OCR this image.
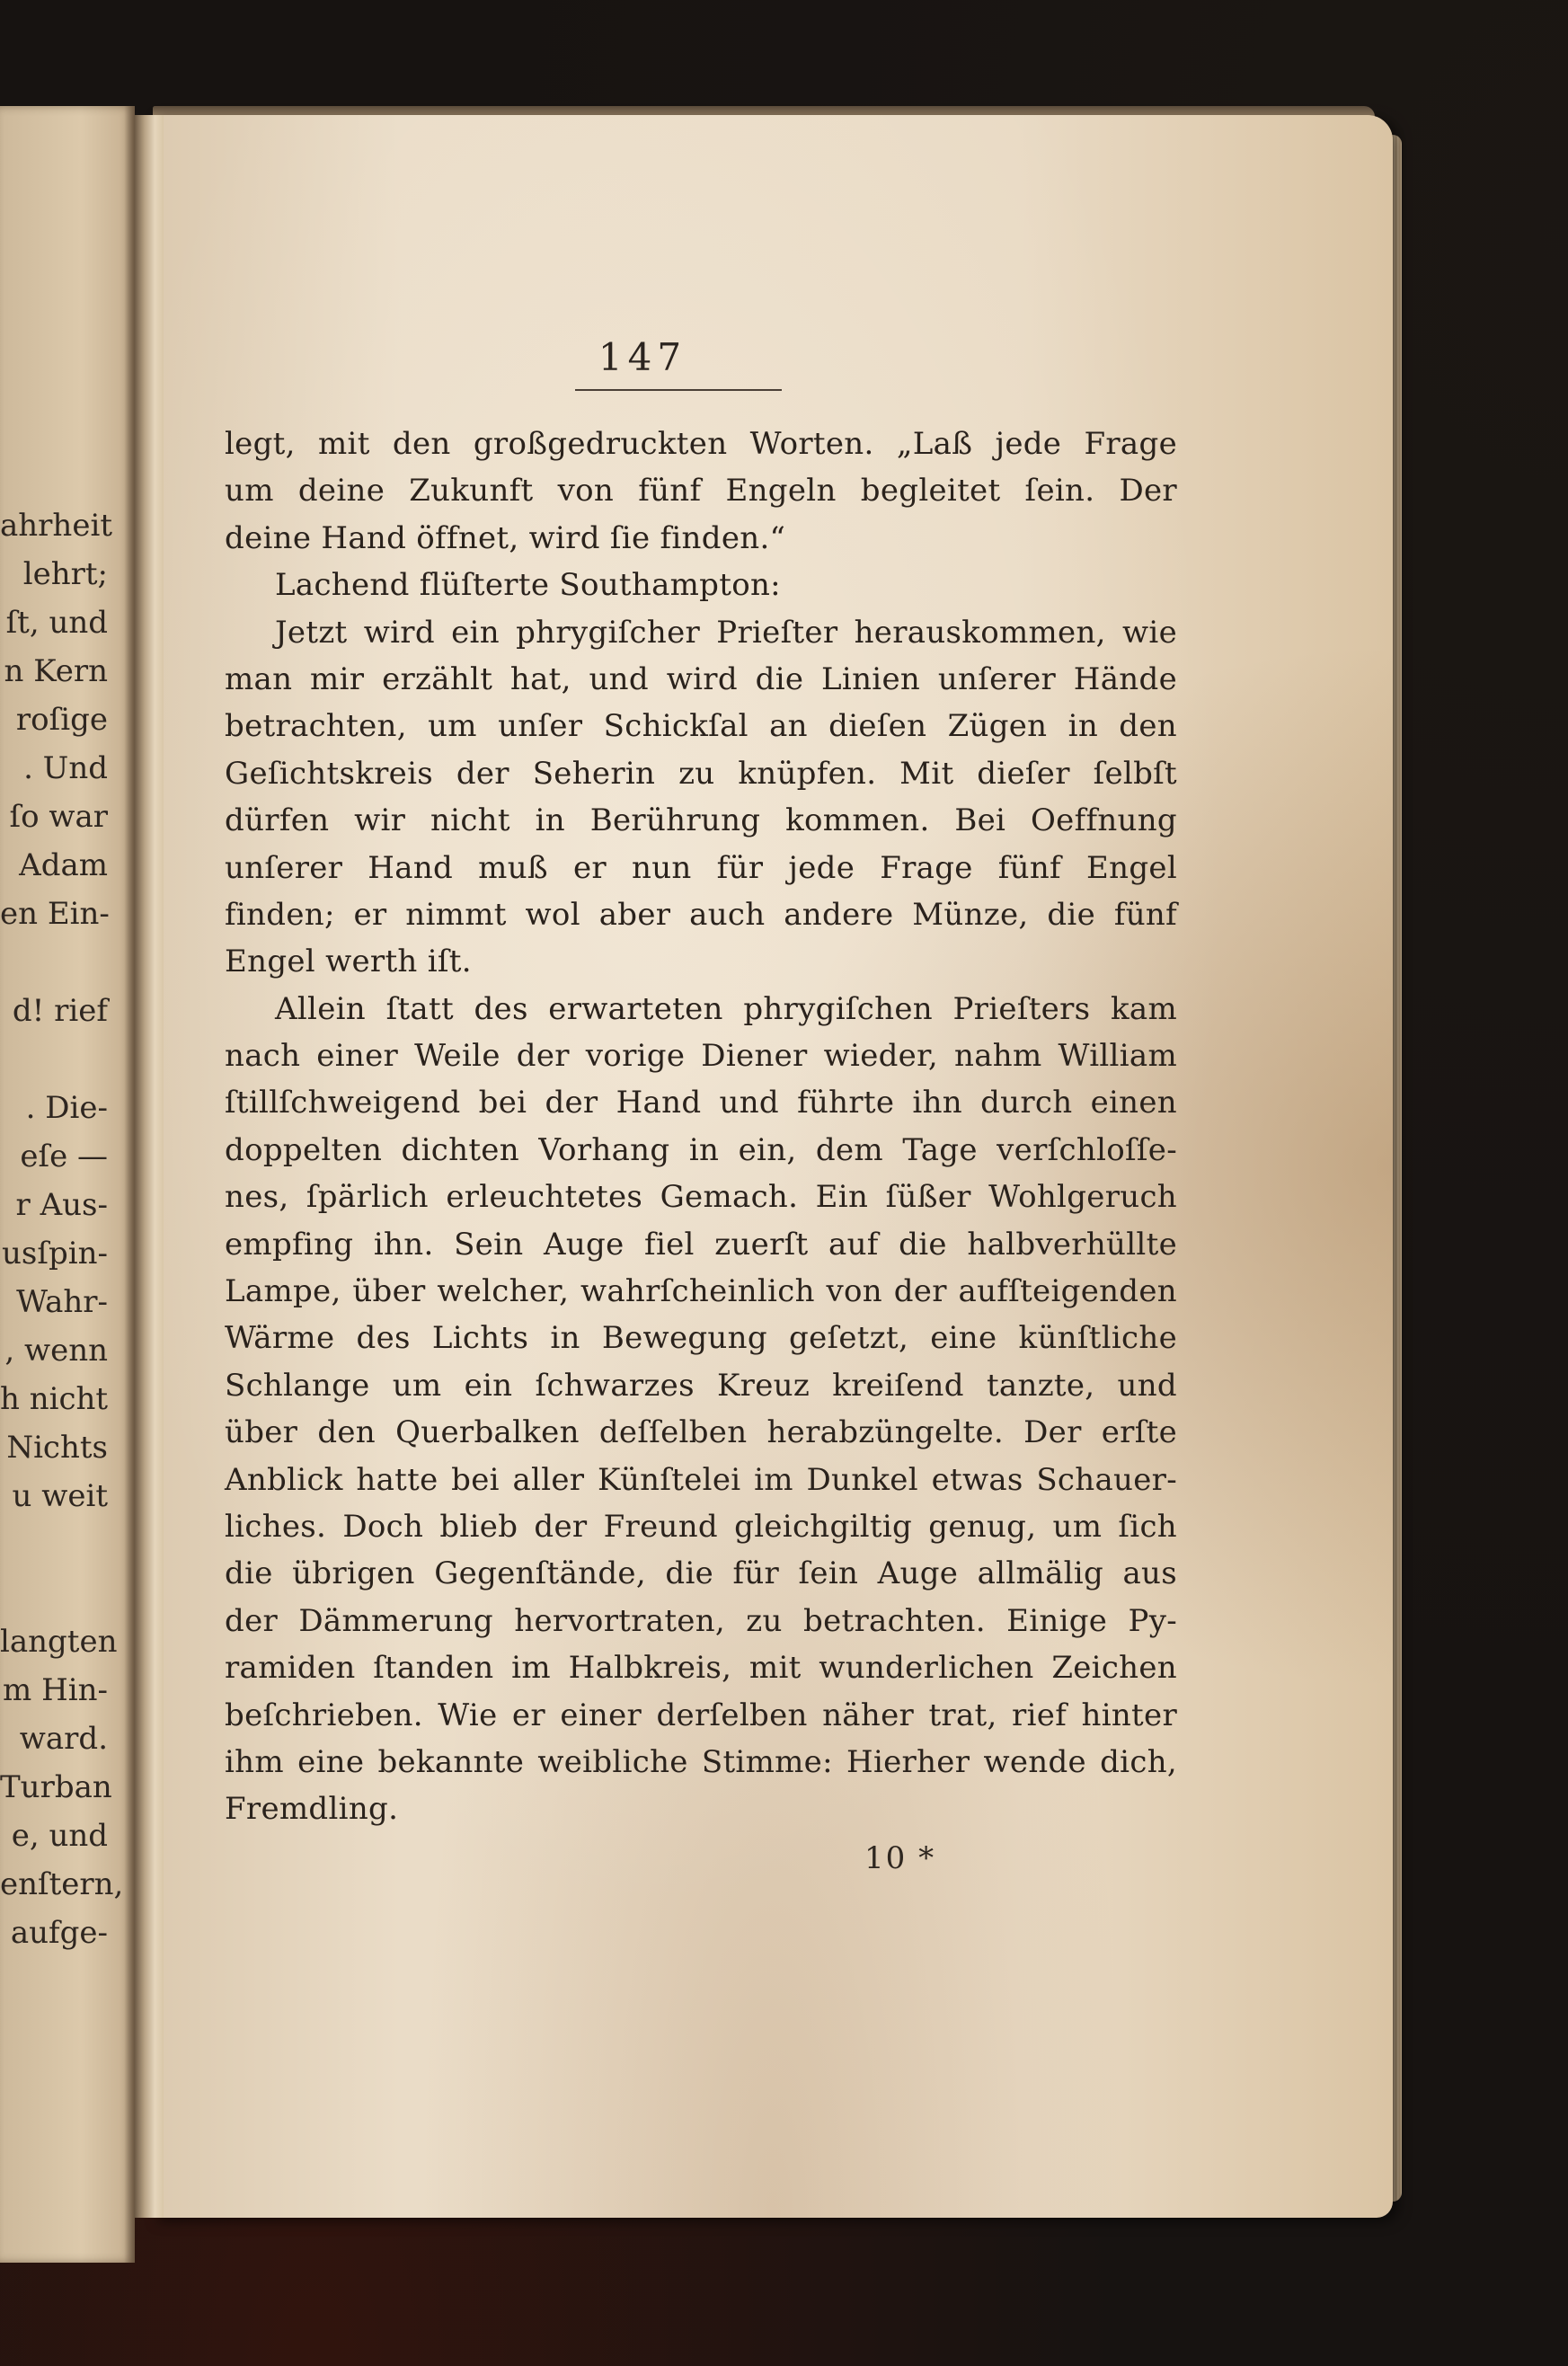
ahrheit
lehrt;
ſt, und
n Kern
roſige
. Und
ſo war
Adam
en Ein-
d! rief
. Die-
eſe —
r Aus-
usſpin-
Wahr-
, wenn
h nicht
Nichts
u weit
langten
m Hin-
ward.
Turban
e, und
enſtern,
aufge-
147
legt, mit den großgedruckten Worten. „Laß jede Frage
um deine Zukunft von fünf Engeln begleitet ſein. Der
deine Hand öffnet, wird ſie finden.“
Lachend flüſterte Southampton:
Jetzt wird ein phrygiſcher Prieſter herauskommen, wie
man mir erzählt hat, und wird die Linien unſerer Hände
betrachten, um unſer Schickſal an dieſen Zügen in den
Geſichtskreis der Seherin zu knüpfen. Mit dieſer ſelbſt
dürfen wir nicht in Berührung kommen. Bei Oeffnung
unſerer Hand muß er nun für jede Frage fünf Engel
finden; er nimmt wol aber auch andere Münze, die fünf
Engel werth iſt.
Allein ſtatt des erwarteten phrygiſchen Prieſters kam
nach einer Weile der vorige Diener wieder, nahm William
ſtillſchweigend bei der Hand und führte ihn durch einen
doppelten dichten Vorhang in ein, dem Tage verſchloſſe-
nes, ſpärlich erleuchtetes Gemach. Ein ſüßer Wohlgeruch
empfing ihn. Sein Auge fiel zuerſt auf die halbverhüllte
Lampe, über welcher, wahrſcheinlich von der aufſteigenden
Wärme des Lichts in Bewegung geſetzt, eine künſtliche
Schlange um ein ſchwarzes Kreuz kreiſend tanzte, und
über den Querbalken deſſelben herabzüngelte. Der erſte
Anblick hatte bei aller Künſtelei im Dunkel etwas Schauer-
liches. Doch blieb der Freund gleichgiltig genug, um ſich
die übrigen Gegenſtände, die für ſein Auge allmälig aus
der Dämmerung hervortraten, zu betrachten. Einige Py-
ramiden ſtanden im Halbkreis, mit wunderlichen Zeichen
beſchrieben. Wie er einer derſelben näher trat, rief hinter
ihm eine bekannte weibliche Stimme: Hierher wende dich,
Fremdling.
10 *
